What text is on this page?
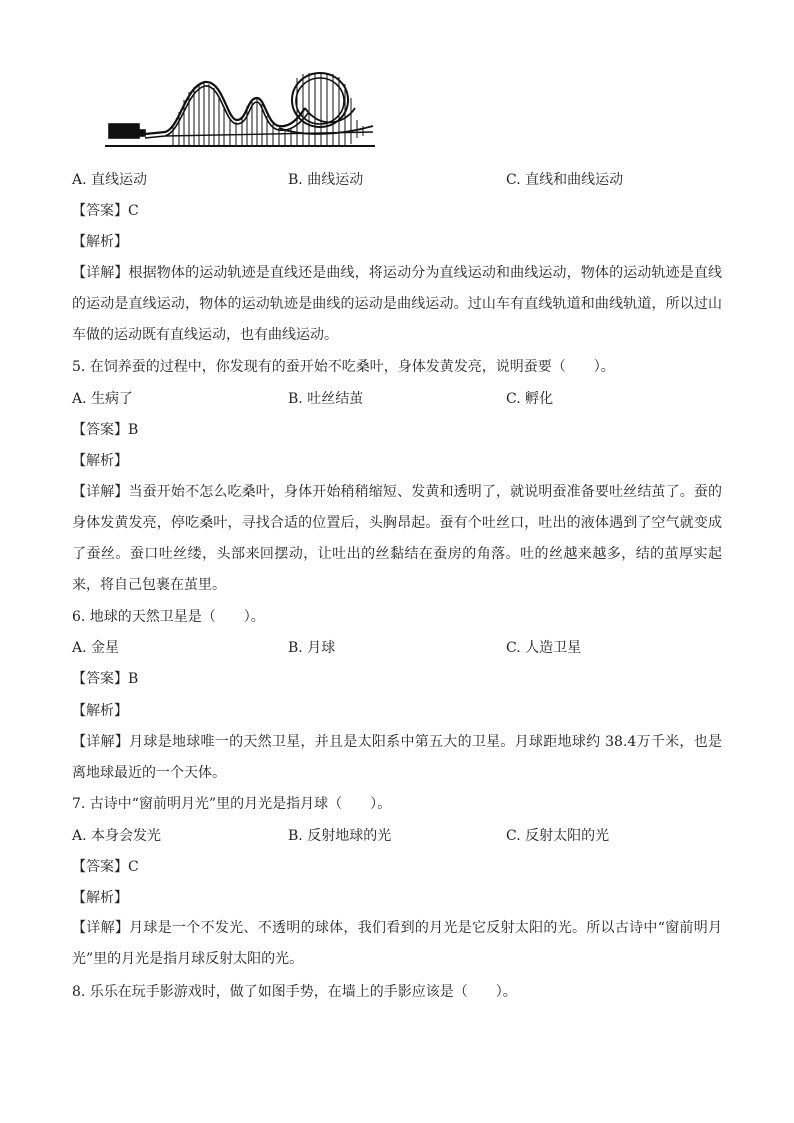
A. 直线运动	B. 曲线运动	C. 直线和曲线运动
【答案】C
【解析】
【详解】根据物体的运动轨迹是直线还是曲线，将运动分为直线运动和曲线运动，物体的运动轨迹是直线的运动是直线运动，物体的运动轨迹是曲线的运动是曲线运动。过山车有直线轨道和曲线轨道，所以过山车做的运动既有直线运动，也有曲线运动。
5. 在饲养蚕的过程中，你发现有的蚕开始不吃桑叶，身体发黄发亮，说明蚕要（　　）。
A. 生病了	B. 吐丝结茧	C. 孵化
【答案】B
【解析】
【详解】当蚕开始不怎么吃桑叶，身体开始稍稍缩短、发黄和透明了，就说明蚕准备要吐丝结茧了。蚕的身体发黄发亮，停吃桑叶，寻找合适的位置后，头胸昂起。蚕有个吐丝口，吐出的液体遇到了空气就变成了蚕丝。蚕口吐丝缕，头部来回摆动，让吐出的丝黏结在蚕房的角落。吐的丝越来越多，结的茧厚实起来，将自己包裹在茧里。
6. 地球的天然卫星是（　　）。
A. 金星	B. 月球	C. 人造卫星
【答案】B
【解析】
【详解】月球是地球唯一的天然卫星，并且是太阳系中第五大的卫星。月球距地球约 38.4万千米，也是离地球最近的一个天体。
7. 古诗中“窗前明月光”里的月光是指月球（　　）。
A. 本身会发光	B. 反射地球的光	C. 反射太阳的光
【答案】C
【解析】
【详解】月球是一个不发光、不透明的球体，我们看到的月光是它反射太阳的光。所以古诗中“窗前明月光”里的月光是指月球反射太阳的光。
8. 乐乐在玩手影游戏时，做了如图手势，在墙上的手影应该是（　　）。
